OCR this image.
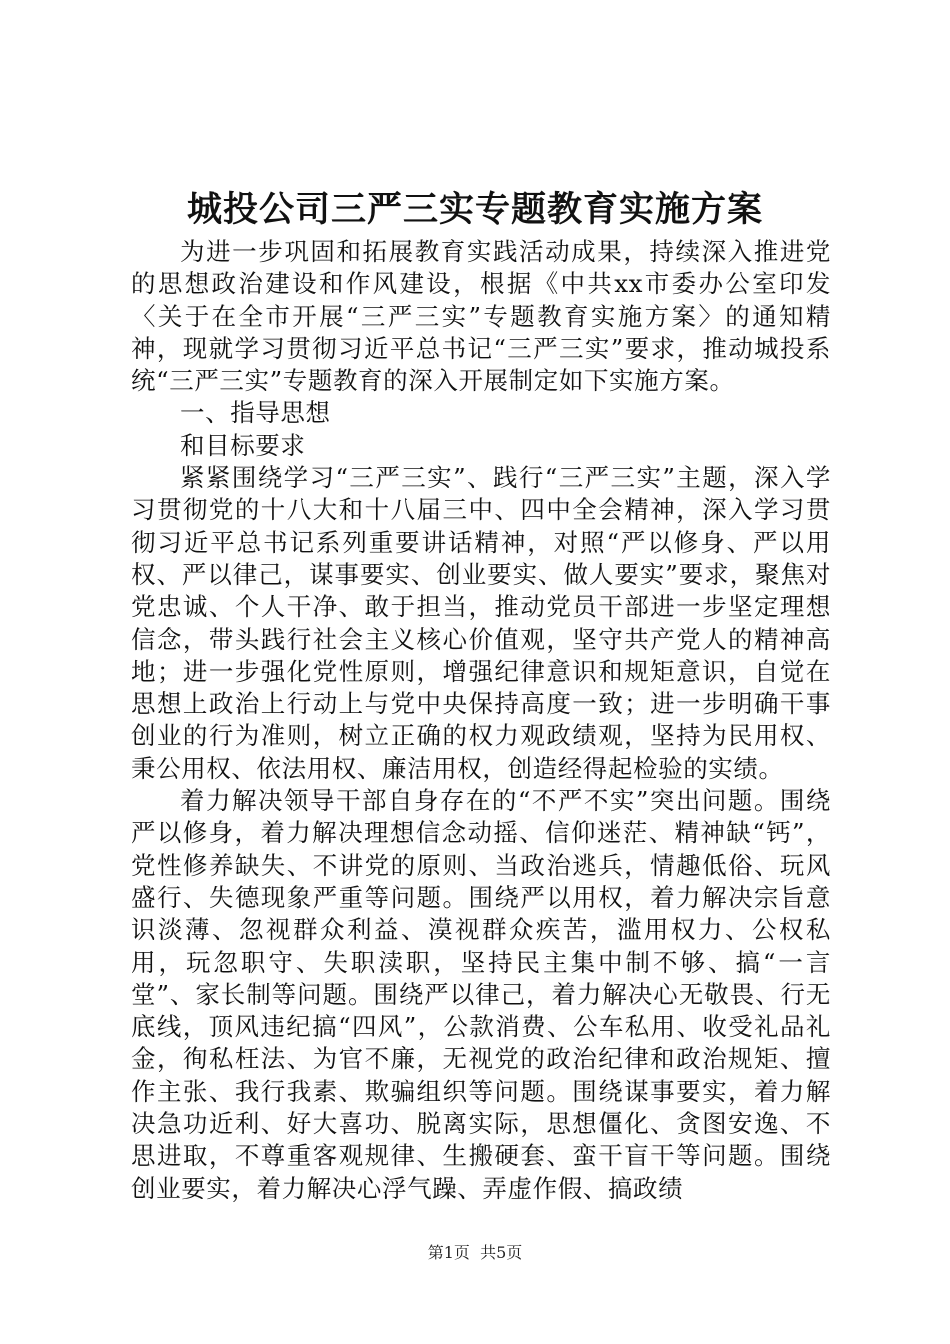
城投公司三严三实专题教育实施方案

为进一步巩固和拓展教育实践活动成果，持续深入推进党的思想政治建设和作风建设，根据《中共xx市委办公室印发〈关于在全市开展“三严三实”专题教育实施方案〉的通知精神，现就学习贯彻习近平总书记“三严三实”要求，推动城投系统“三严三实”专题教育的深入开展制定如下实施方案。

一、指导思想

和目标要求

紧紧围绕学习“三严三实”、践行“三严三实”主题，深入学习贯彻党的十八大和十八届三中、四中全会精神，深入学习贯彻习近平总书记系列重要讲话精神，对照“严以修身、严以用权、严以律己，谋事要实、创业要实、做人要实”要求，聚焦对党忠诚、个人干净、敢于担当，推动党员干部进一步坚定理想信念，带头践行社会主义核心价值观，坚守共产党人的精神高地；进一步强化党性原则，增强纪律意识和规矩意识，自觉在思想上政治上行动上与党中央保持高度一致；进一步明确干事创业的行为准则，树立正确的权力观政绩观，坚持为民用权、秉公用权、依法用权、廉洁用权，创造经得起检验的实绩。

着力解决领导干部自身存在的“不严不实”突出问题。围绕严以修身，着力解决理想信念动摇、信仰迷茫、精神缺“钙”，党性修养缺失、不讲党的原则、当政治逃兵，情趣低俗、玩风盛行、失德现象严重等问题。围绕严以用权，着力解决宗旨意识淡薄、忽视群众利益、漠视群众疾苦，滥用权力、公权私用，玩忽职守、失职渎职，坚持民主集中制不够、搞“一言堂”、家长制等问题。围绕严以律己，着力解决心无敬畏、行无底线，顶风违纪搞“四风”，公款消费、公车私用、收受礼品礼金，徇私枉法、为官不廉，无视党的政治纪律和政治规矩、擅作主张、我行我素、欺骗组织等问题。围绕谋事要实，着力解决急功近利、好大喜功、脱离实际，思想僵化、贪图安逸、不思进取，不尊重客观规律、生搬硬套、蛮干盲干等问题。围绕创业要实，着力解决心浮气躁、弄虚作假、搞政绩

第1页 共5页
